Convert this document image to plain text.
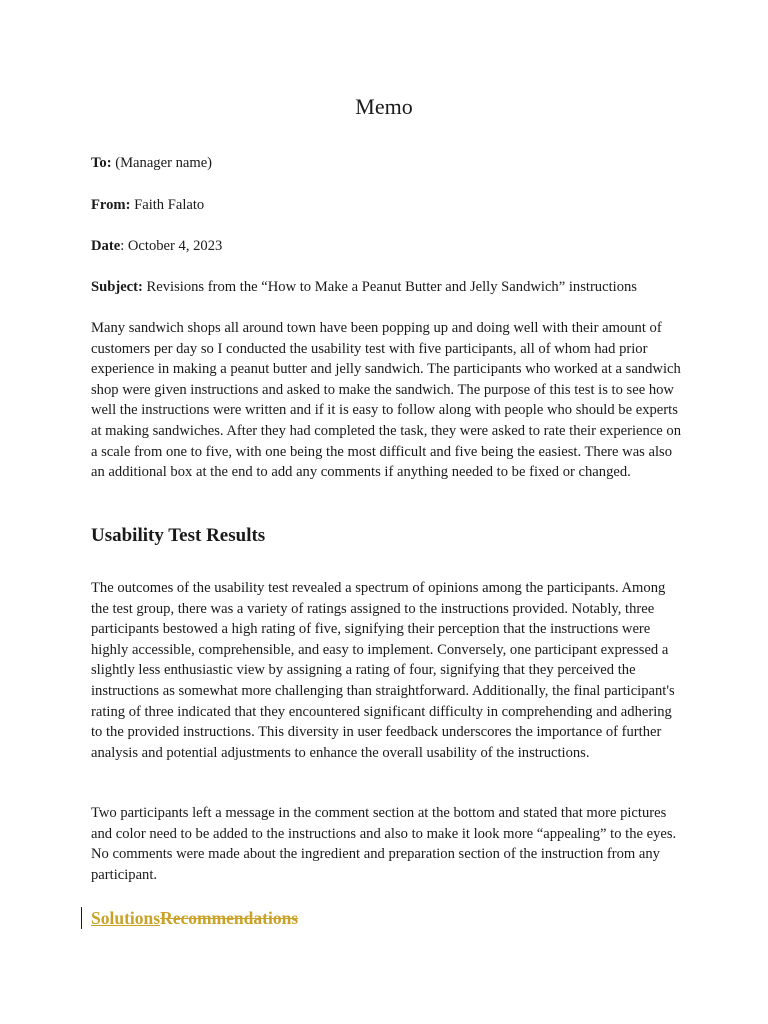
Memo

To: (Manager name)

From: Faith Falato

Date: October 4, 2023

Subject: Revisions from the “How to Make a Peanut Butter and Jelly Sandwich” instructions

Many sandwich shops all around town have been popping up and doing well with their amount of customers per day so I conducted the usability test with five participants, all of whom had prior experience in making a peanut butter and jelly sandwich. The participants who worked at a sandwich shop were given instructions and asked to make the sandwich. The purpose of this test is to see how well the instructions were written and if it is easy to follow along with people who should be experts at making sandwiches. After they had completed the task, they were asked to rate their experience on a scale from one to five, with one being the most difficult and five being the easiest. There was also an additional box at the end to add any comments if anything needed to be fixed or changed.

Usability Test Results

The outcomes of the usability test revealed a spectrum of opinions among the participants. Among the test group, there was a variety of ratings assigned to the instructions provided. Notably, three participants bestowed a high rating of five, signifying their perception that the instructions were highly accessible, comprehensible, and easy to implement. Conversely, one participant expressed a slightly less enthusiastic view by assigning a rating of four, signifying that they perceived the instructions as somewhat more challenging than straightforward. Additionally, the final participant's rating of three indicated that they encountered significant difficulty in comprehending and adhering to the provided instructions. This diversity in user feedback underscores the importance of further analysis and potential adjustments to enhance the overall usability of the instructions.

Two participants left a message in the comment section at the bottom and stated that more pictures and color need to be added to the instructions and also to make it look more “appealing” to the eyes. No comments were made about the ingredient and preparation section of the instruction from any participant.

SolutionsRecommendations
